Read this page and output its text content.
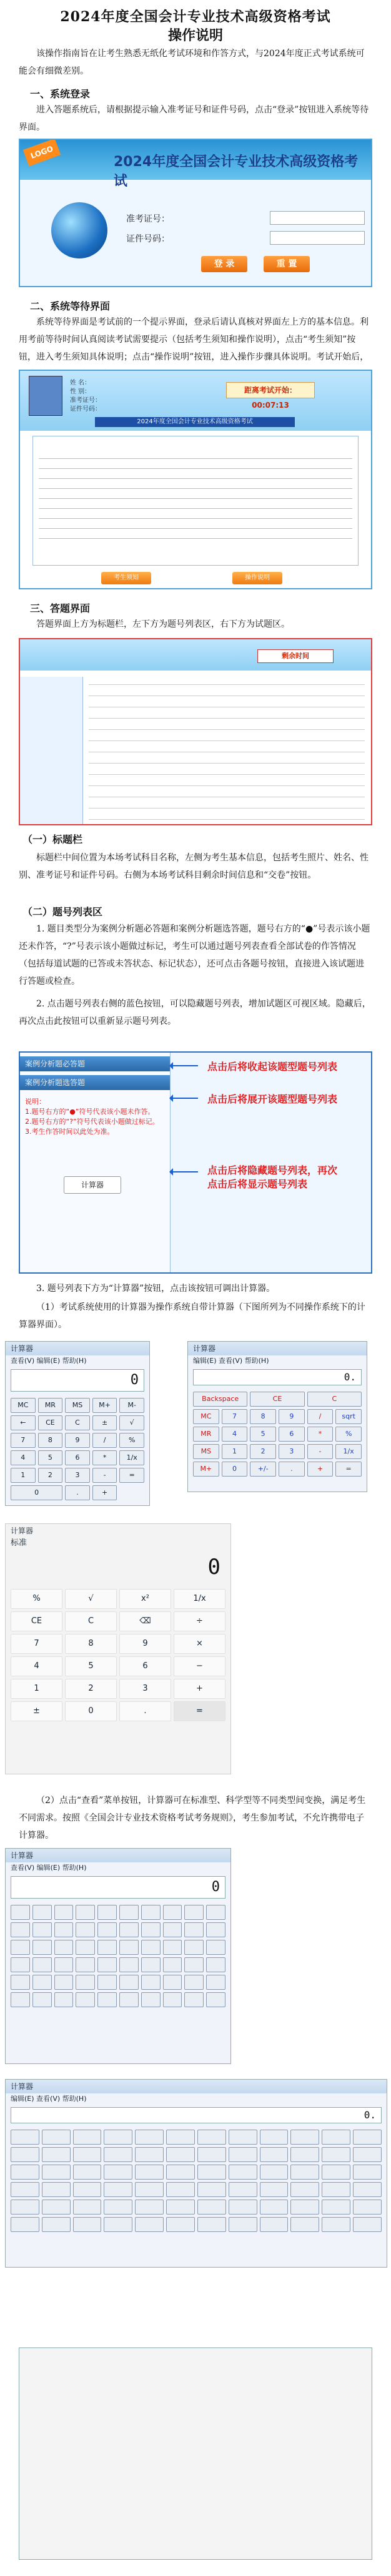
2024年度全国会计专业技术高级资格考试
操作说明
该操作指南旨在让考生熟悉无纸化考试环境和作答方式，与2024年度正式考试系统可能会有细微差别。
一、系统登录
进入答题系统后，请根据提示输入准考证号和证件号码，点击“登录”按钮进入系统等待界面。
LOGO
2024年度全国会计专业技术高级资格考试
准考证号：
证件号码：
登 录	重 置
二、系统等待界面
系统等待界面是考试前的一个提示界面，登录后请认真核对界面左上方的基本信息。利用考前等待时间认真阅读考试需要提示（包括考生须知和操作说明），点击“考生须知”按钮，进入考生须知具体说明；点击“操作说明”按钮，进入操作步骤具体说明。考试开始后，
姓 名：
性 别：
准考证号：
证件号码：
距离考试开始：00:07:13
2024年度全国会计专业技术高级资格考试
考生须知	操作说明
三、答题界面
答题界面上方为标题栏，左下方为题号列表区，右下方为试题区。
剩余时间
（一）标题栏
标题栏中间位置为本场考试科目名称，左侧为考生基本信息，包括考生照片、姓名、性别、准考证号和证件号码。右侧为本场考试科目剩余时间信息和“交卷”按钮。
（二）题号列表区
1. 题目类型分为案例分析题必答题和案例分析题选答题，题号右方的“●”号表示该小题还未作答，“?”号表示该小题做过标记，考生可以通过题号列表查看全部试卷的作答情况（包括每道试题的已答或未答状态、标记状态），还可点击各题号按钮，直接进入该试题进行答题或检查。
2. 点击题号列表右侧的蓝色按钮，可以隐藏题号列表，增加试题区可视区域。隐藏后，再次点击此按钮可以重新显示题号列表。
案例分析题必答题
案例分析题选答题
说明：
1.题号右方的“●”符号代表该小题未作答。
2.题号右方的“?”符号代表该小题做过标记。
3.考生作答时间以此处为准。
计算器
点击后将收起该题型题号列表
点击后将展开该题型题号列表
点击后将隐藏题号列表，再次
点击后将显示题号列表
3. 题号列表下方为“计算器”按钮，点击该按钮可调出计算器。
（1）考试系统使用的计算器为操作系统自带计算器（下图所列为不同操作系统下的计算器界面）。
计算器
查看(V) 编辑(E) 帮助(H)
0
MC	MR	MS	M+	M-
←	CE	C	±	√
7	8	9	/	%
4	5	6	*	1/x
1	2	3	-	=
0	.	+
计算器
编辑(E) 查看(V) 帮助(H)
0.
Backspace	CE	C
MC	7	8	9	/	sqrt
MR	4	5	6	*	%
MS	1	2	3	-	1/x
M+	0	+/-	.	+	=
计算器
标准
0
%	√	x²	1/x
CE	C	⌫	÷
7	8	9	×
4	5	6	−
1	2	3	+
±	0	.	=
（2）点击“查看”菜单按钮，计算器可在标准型、科学型等不同类型间变换，满足考生不同需求。按照《全国会计专业技术资格考试考务规则》，考生参加考试，不允许携带电子计算器。
计算器
查看(V) 编辑(E) 帮助(H)
0
计算器
编辑(E) 查看(V) 帮助(H)
0.
